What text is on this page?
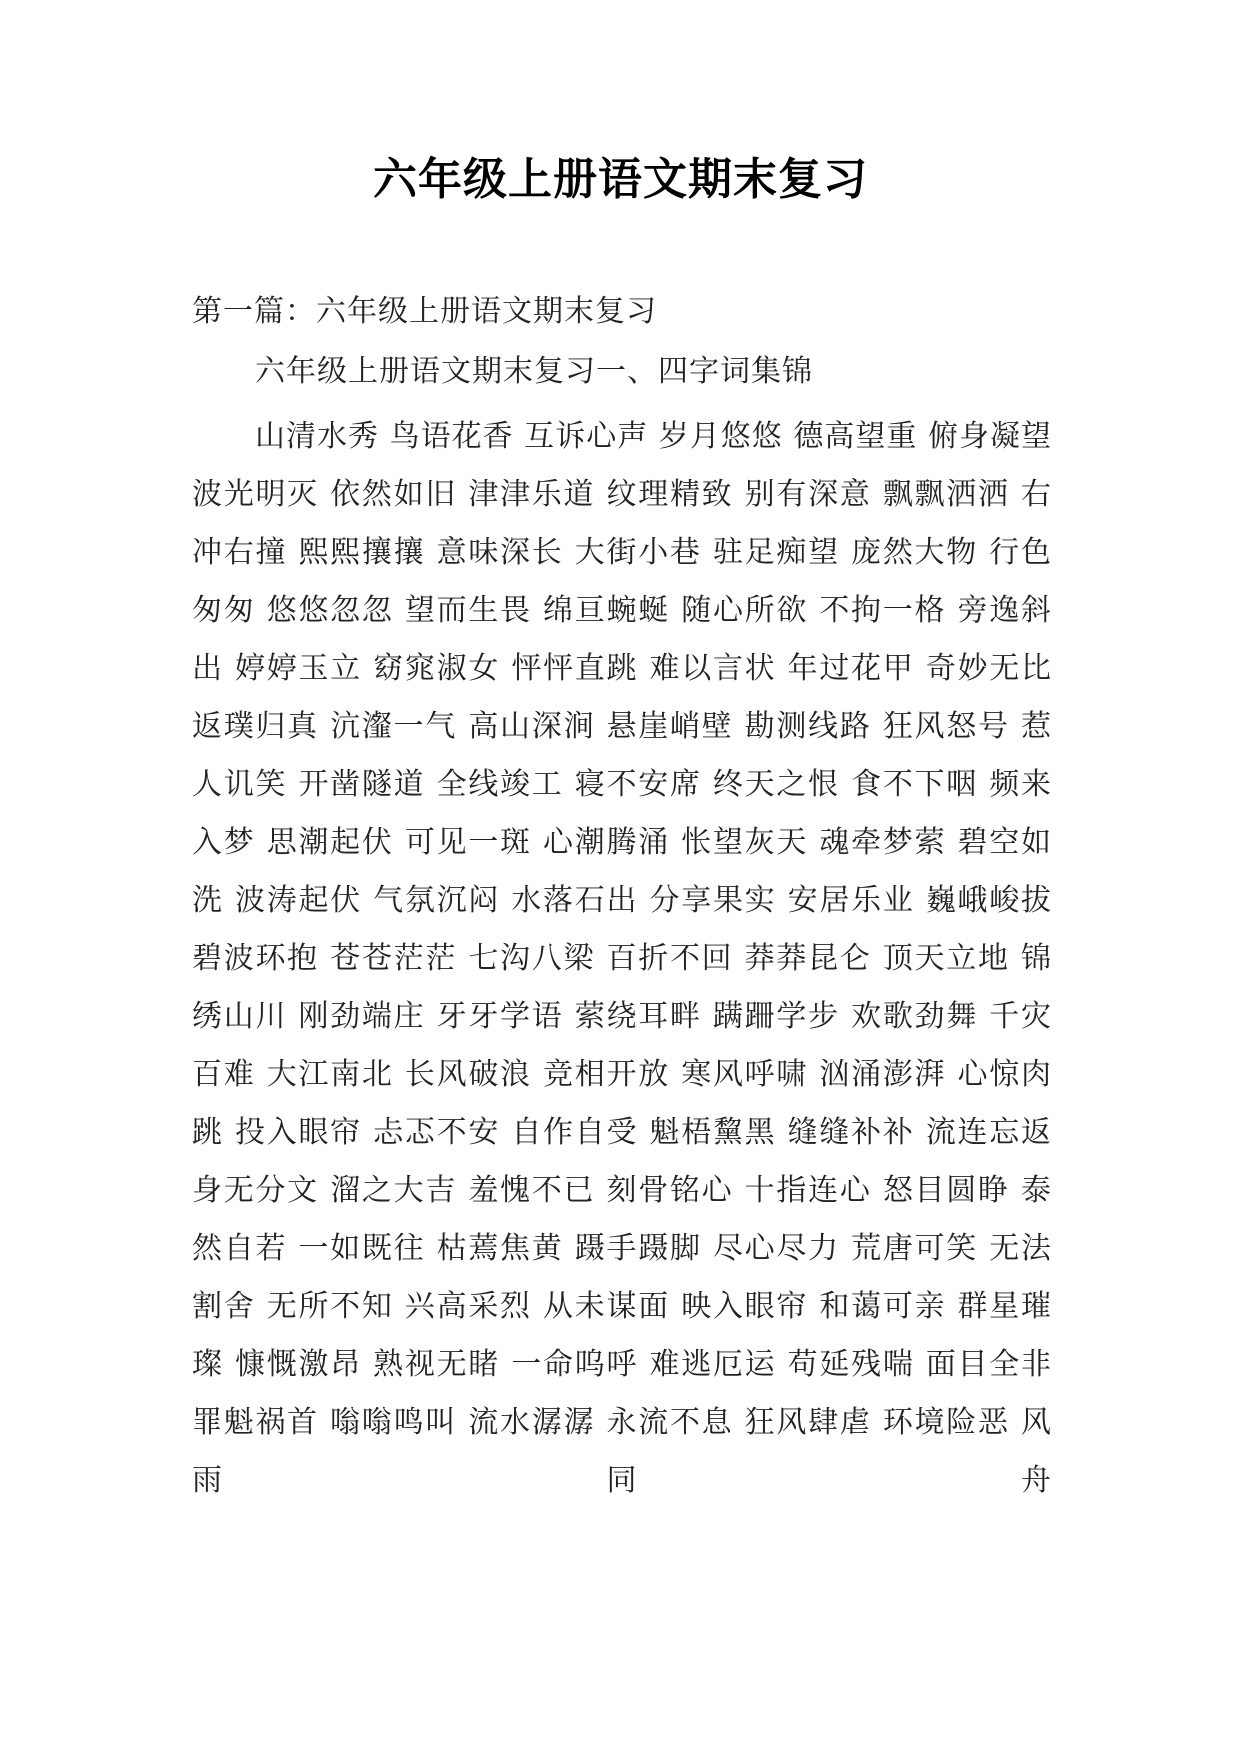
六年级上册语文期末复习
第一篇：六年级上册语文期末复习
六年级上册语文期末复习一、四字词集锦
山清水秀 鸟语花香 互诉心声 岁月悠悠 德高望重 俯身凝望 波光明灭 依然如旧 津津乐道 纹理精致 别有深意 飘飘洒洒 右冲右撞 熙熙攘攘 意味深长 大街小巷 驻足痴望 庞然大物 行色匆匆 悠悠忽忽 望而生畏 绵亘蜿蜒 随心所欲 不拘一格 旁逸斜出 婷婷玉立 窈窕淑女 怦怦直跳 难以言状 年过花甲 奇妙无比 返璞归真 沆瀣一气 高山深涧 悬崖峭壁 勘测线路 狂风怒号 惹人讥笑 开凿隧道 全线竣工 寝不安席 终天之恨 食不下咽 频来入梦 思潮起伏 可见一斑 心潮腾涌 怅望灰天 魂牵梦萦 碧空如洗 波涛起伏 气氛沉闷 水落石出 分享果实 安居乐业 巍峨峻拔 碧波环抱 苍苍茫茫 七沟八梁 百折不回 莽莽昆仑 顶天立地 锦绣山川 刚劲端庄 牙牙学语 萦绕耳畔 蹒跚学步 欢歌劲舞 千灾百难 大江南北 长风破浪 竞相开放 寒风呼啸 汹涌澎湃 心惊肉跳 投入眼帘 忐忑不安 自作自受 魁梧黧黑 缝缝补补 流连忘返 身无分文 溜之大吉 羞愧不已 刻骨铭心 十指连心 怒目圆睁 泰然自若 一如既往 枯蔫焦黄 蹑手蹑脚 尽心尽力 荒唐可笑 无法割舍 无所不知 兴高采烈 从未谋面 映入眼帘 和蔼可亲 群星璀璨 慷慨激昂 熟视无睹 一命呜呼 难逃厄运 苟延残喘 面目全非 罪魁祸首 嗡嗡鸣叫 流水潺潺 永流不息 狂风肆虐 环境险恶 风雨同舟
